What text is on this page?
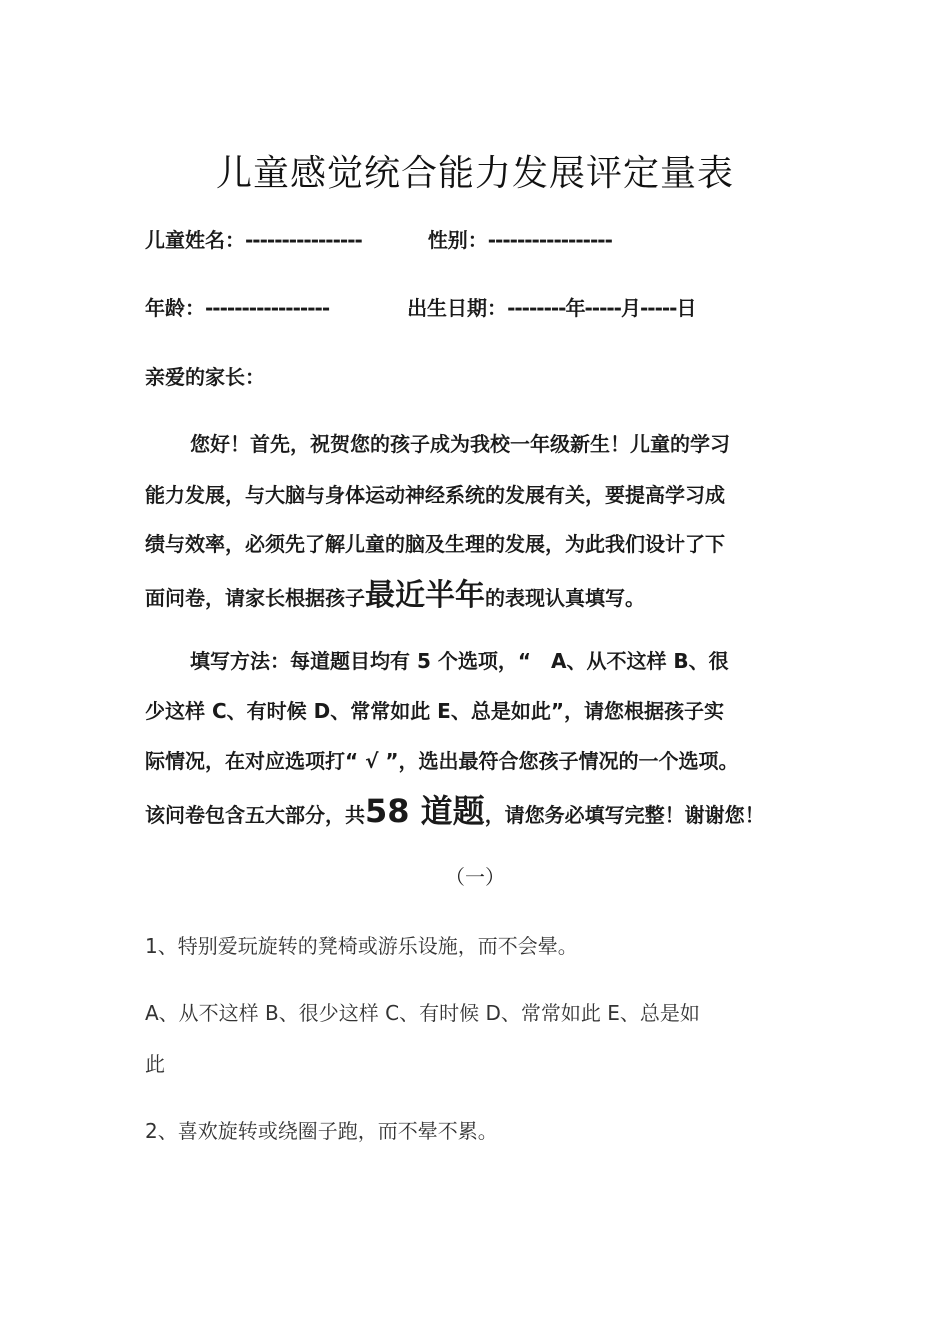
儿童感觉统合能力发展评定量表
儿童姓名：----------------	性别：-----------------
年龄：-----------------	出生日期：--------年-----月-----日
亲爱的家长：
您好！首先，祝贺您的孩子成为我校一年级新生！儿童的学习
能力发展，与大脑与身体运动神经系统的发展有关，要提高学习成
绩与效率，必须先了解儿童的脑及生理的发展，为此我们设计了下
面问卷，请家长根据孩子最近半年的表现认真填写。
填写方法：每道题目均有 5 个选项，“　A、从不这样 B、很
少这样 C、有时候 D、常常如此 E、总是如此”，请您根据孩子实
际情况，在对应选项打“ √ ”，选出最符合您孩子情况的一个选项。
该问卷包含五大部分，共58 道题，请您务必填写完整！谢谢您！
（一）
1、特别爱玩旋转的凳椅或游乐设施，而不会晕。
A、从不这样 B、很少这样 C、有时候 D、常常如此 E、总是如
此
2、喜欢旋转或绕圈子跑，而不晕不累。
